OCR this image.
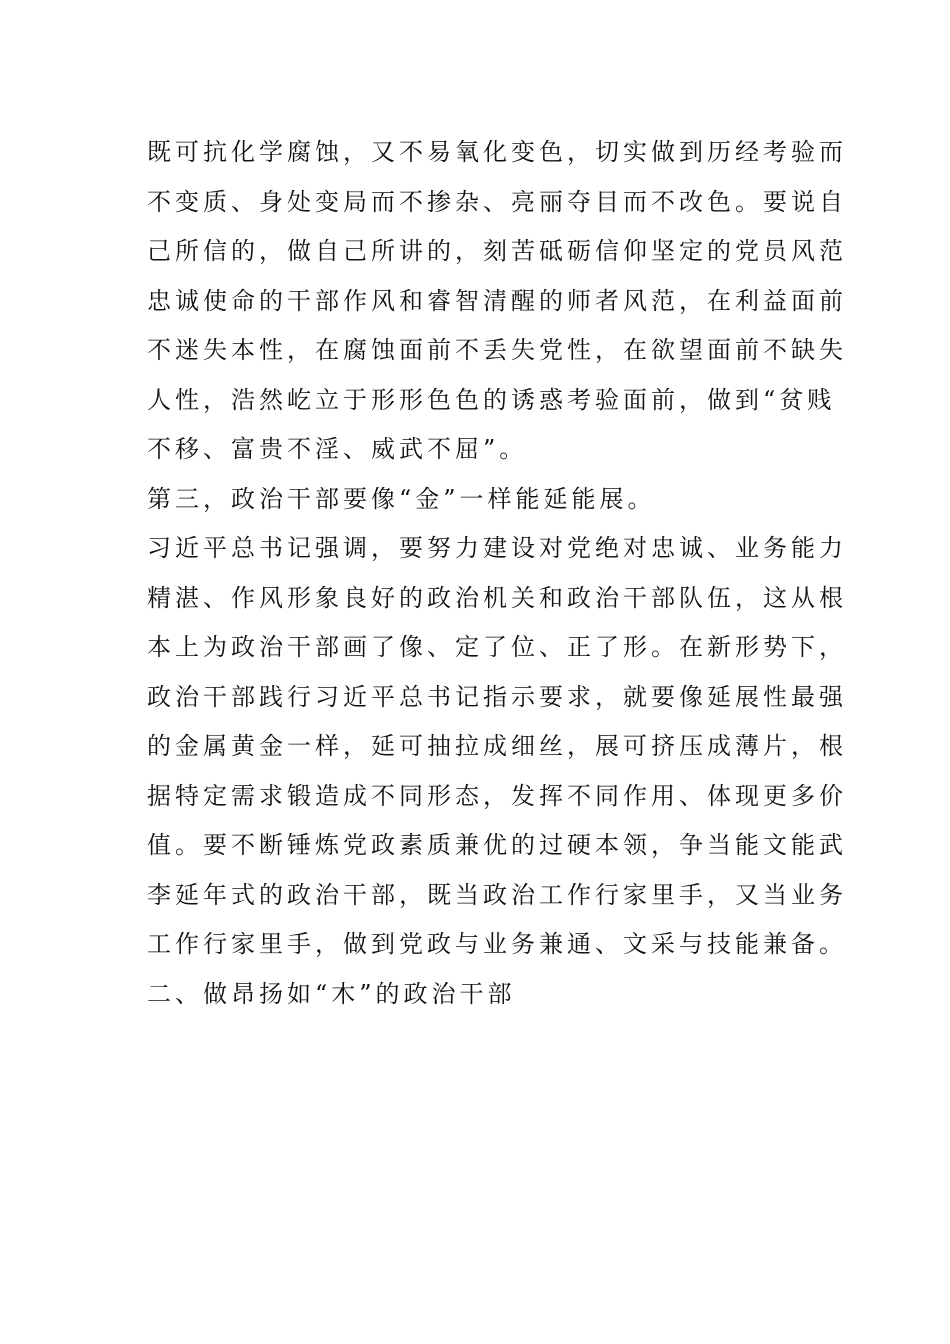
既可抗化学腐蚀，又不易氧化变色，切实做到历经考验而
不变质、身处变局而不掺杂、亮丽夺目而不改色。要说自
己所信的，做自己所讲的，刻苦砥砺信仰坚定的党员风范
忠诚使命的干部作风和睿智清醒的师者风范，在利益面前
不迷失本性，在腐蚀面前不丢失党性，在欲望面前不缺失
人性，浩然屹立于形形色色的诱惑考验面前，做到“贫贱
不移、富贵不淫、威武不屈”。
第三，政治干部要像“金”一样能延能展。
习近平总书记强调，要努力建设对党绝对忠诚、业务能力
精湛、作风形象良好的政治机关和政治干部队伍，这从根
本上为政治干部画了像、定了位、正了形。在新形势下，
政治干部践行习近平总书记指示要求，就要像延展性最强
的金属黄金一样，延可抽拉成细丝，展可挤压成薄片，根
据特定需求锻造成不同形态，发挥不同作用、体现更多价
值。要不断锤炼党政素质兼优的过硬本领，争当能文能武
李延年式的政治干部，既当政治工作行家里手，又当业务
工作行家里手，做到党政与业务兼通、文采与技能兼备。
二、做昂扬如“木”的政治干部
